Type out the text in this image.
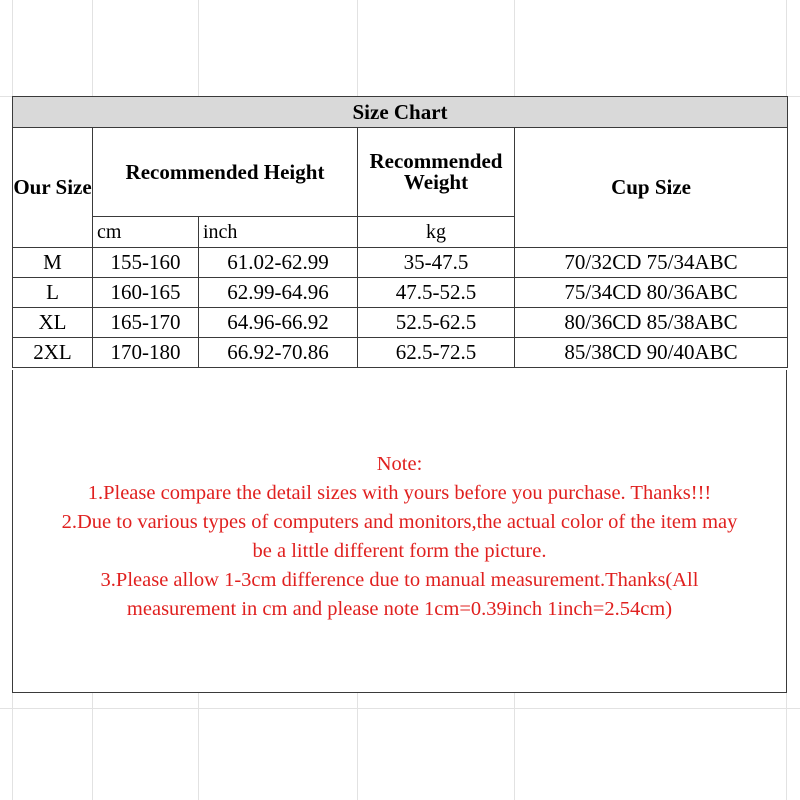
Size Chart				
Our Size	Recommended Height		Recommended Weight	Cup Size
	cm	inch	kg	
M	155-160	61.02-62.99	35-47.5	70/32CD 75/34ABC
L	160-165	62.99-64.96	47.5-52.5	75/34CD 80/36ABC
XL	165-170	64.96-66.92	52.5-62.5	80/36CD 85/38ABC
2XL	170-180	66.92-70.86	62.5-72.5	85/38CD 90/40ABC
Note:
1.Please compare the detail sizes with yours before you purchase. Thanks!!!
2.Due to various types of computers and monitors,the actual color of the item may
be a little different form the picture.
3.Please allow 1-3cm difference due to manual measurement.Thanks(All
measurement in cm and please note 1cm=0.39inch 1inch=2.54cm)
